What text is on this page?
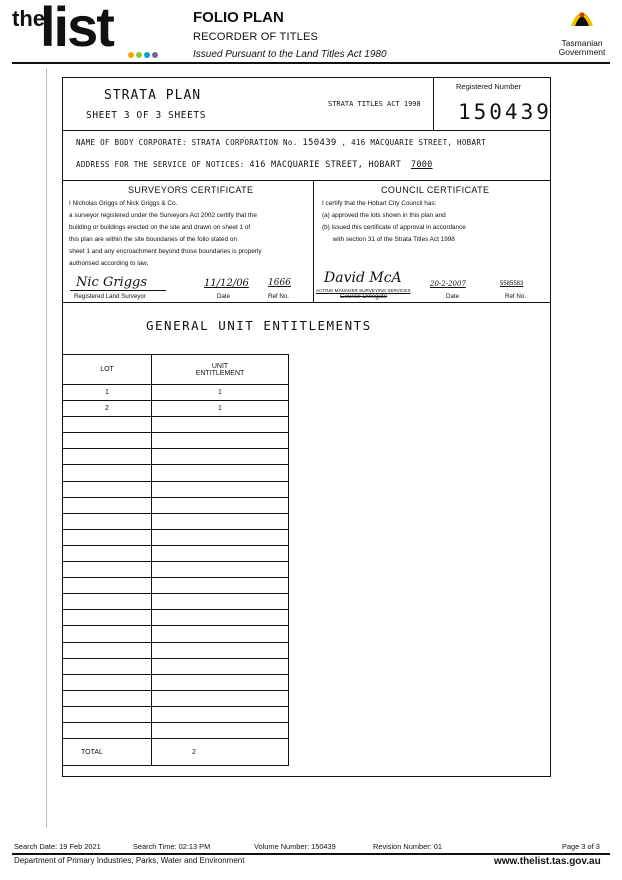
the
list	FOLIO PLAN
RECORDER OF TITLES
Issued Pursuant to the Land Titles Act 1980
Tasmanian
Government
STRATA PLAN
SHEET 3 OF 3 SHEETS
STRATA TITLES ACT 1998
Registered Number
150439
NAME OF BODY CORPORATE: STRATA CORPORATION No. 150439 , 416 MACQUARIE STREET, HOBART
ADDRESS FOR THE SERVICE OF NOTICES: 416 MACQUARIE STREET, HOBART 7000
SURVEYORS CERTIFICATE
I Nicholas Griggs of Nick Griggs & Co.
a surveyor registered under the Surveyors Act 2002 certify that the
building or buildings erected on the site and drawn on sheet 1 of
this plan are within the site boundaries of the folio stated on
sheet 1 and any encroachment beyond those boundaries is properly
authorised according to law.
Nic Griggs	11/12/06 1666
Registered Land Surveyor	Date	Ref No.
COUNCIL CERTIFICATE
I certify that the Hobart City Council has:
(a) approved the lots shown in this plan and
(b) issued this certificate of approval in accordance
with section 31 of the Strata Titles Act 1998
David McA
ACTING MANAGER SURVEYING SERVICES
Council Delegate
20-2-2007	5585583
Date	Ref No.
GENERAL UNIT ENTITLEMENTS
LOT	UNIT
ENTITLEMENT

1	1
2	1

TOTAL	2
Search Date: 19 Feb 2021	Search Time: 02:13 PM	Volume Number: 150439	Revision Number: 01	Page 3 of 3
Department of Primary Industries, Parks, Water and Environment	www.thelist.tas.gov.au
